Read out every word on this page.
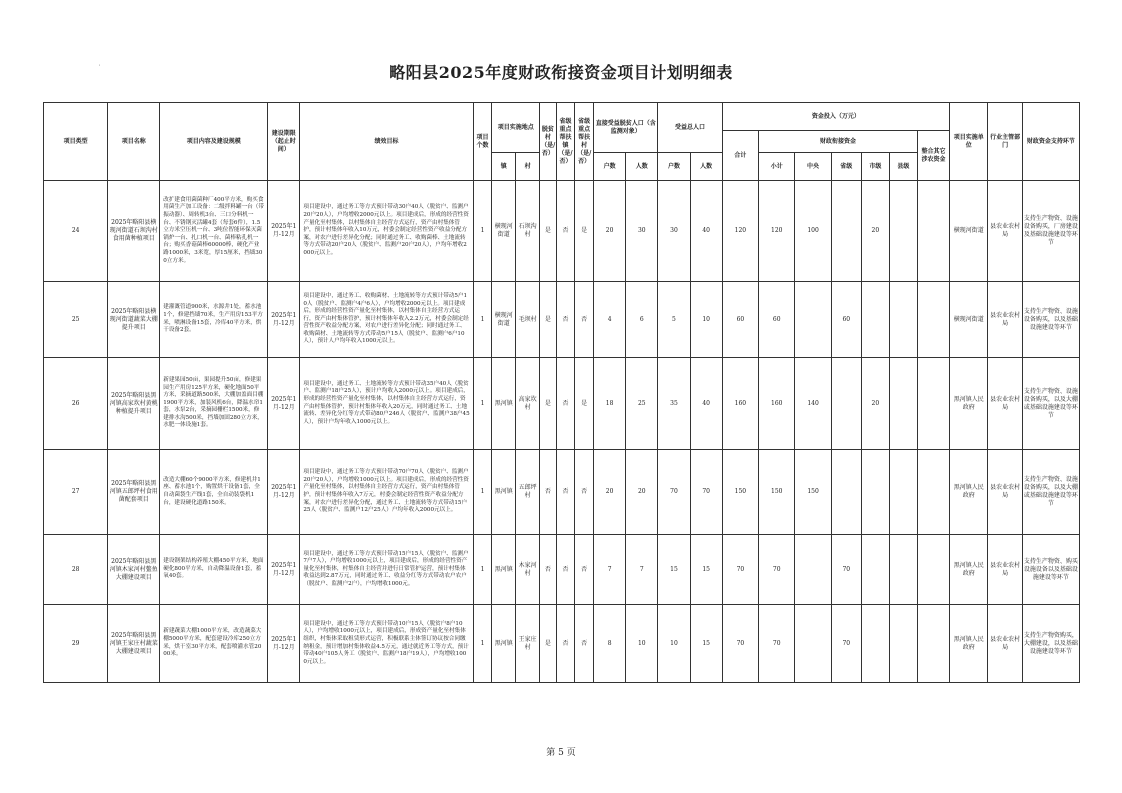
'	略阳县2025年度财政衔接资金项目计划明细表
项目类型	项目名称	项目内容及建设规模	建设期限（起止时间）	绩效目标	项目个数	项目实施地点		脱贫村（是/否）	省级重点帮扶镇（是/否）	省级重点帮扶村（是/否）	直接受益脱贫人口（含监测对象）		受益总人口		资金投入（万元）							项目实施单位	行业主管部门	财政资金支持环节
															合计	财政衔接资金					整合其它涉农资金			
						镇	村				户数	人数	户数	人数		小计	中央	省级	市级	县级				
24	2025年略阳县横现河街道石坝沟村食用菌种植项目	改扩建食用菌菌种厂400平方米，购买食用菌生产加工设备：二级拌料罐一台（带振动器）、周转机3台、三口分料机一台、不锈钢灭活罐4套（每套6件），1.5立方米空压机一台、3吨位智能环保灭菌锅炉一台、扎口机一台、菌棒粘孔机一台；购买香菇菌棒60000棒，硬化产业路1000米，3米宽，厚15厘米，挡墙300立方米。	2025年1月-12月	项目建设中，通过务工等方式预计带动30户40人（脱贫户、监测户20户20人），户均增收2000元以上。项目建成后，形成的经营性资产量化至村集体，以村集体自主经营方式运行，资产由村集体管护，预计村集体年收入10万元，村委会制定经营性资产收益分配方案，对农户进行差异化分配；同时通过务工、收购菌棒、土地流转等方式带动20户20人（脱贫户、监测户20户20人），户均年增收2000元以上。	1	横现河街道	石坝沟村	是	否	是	20	30	30	40	120	120	100		20			横现河街道	县农业农村局	支持生产物资、设施设备购买，厂房建设及基础设施建设等环节
25	2025年略阳县横现河街道蔬菜大棚提升项目	建灌溉管道900米，水源井1处，蓄水池1个，修建挡墙70米，生产用房153平方米，喷淋设备15套，冷库40平方米，烘干设备2套。	2025年1月-12月	项目建设中，通过务工、收购菌材、土地流转等方式预计带动5户10人（脱贫户、监测户4户6人），户均增收2000元以上。项目建成后，形成的经营性资产量化至村集体，以村集体自主经营方式运行，资产由村集体管护，预计村集体年收入2.2万元，村委会制定经营性资产收益分配方案，对农户进行差异化分配；同时通过务工、收购菌材、土地流转等方式带动5户15人（脱贫户、监测户6户10人），预计人户均年收入1000元以上。	1	横现河街道	毛坝村	是	否	否	4	6	5	10	60	60		60				横现河街道	县农业农村局	支持生产物资、设施设备购买，以及基础设施建设等环节
26	2025年略阳县黑河镇高家坎村黄桃种植提升项目	新建果园50亩，果园提升50亩，修建果园生产用房125平方米，硬化地面50平方米，采摘道路500米，大棚加盖面目棚1900平方米，加装风机6台，降温水帘1套，水泵2台，采摘园栅栏1500米，修建排水沟500米，挡墙加固280立方米，水肥一体设施1套。	2025年1月-12月	项目建设中，通过务工、土地流转等方式预计带动35户40人（脱贫户、监测户18户25人），预计户均收入2000元以上。项目建成后，形成的经营性资产量化至村集体，以村集体自主经营方式运行，资产由村集体管护，预计村集体年收入20万元，同时通过务工、土地流转、差异化分红等方式带动80户246人（脱贫户、监测户38户45人），预计户均年收入1000元以上。	1	黑河镇	高家坎村	是	否	是	18	25	35	40	160	160	140		20			黑河镇人民政府	县农业农村局	支持生产物资、设施设备购买，以及大棚或基础设施建设等环节
27	2025年略阳县黑河镇五郎坪村食用菌配套项目	改造大棚60个9000平方米，修建机井1座、蓄水池1个，购置烘干设备1套，全自动菌袋生产线1套，全自动装袋机1台，建设硬化道路150米。	2025年1月-12月	项目建设中，通过务工等方式预计带动70户70人（脱贫户、监测户20户20人），户均增收1000元以上。项目建成后，形成的经营性资产量化至村集体，以村集体自主经营方式运行，资产由村集体管护，预计村集体年收入7万元，村委会制定经营性资产收益分配方案，对农户进行差异化分配，通过务工、土地流转等方式带动15户25人（脱贫户、监测户12户25人）户均年收入2000元以上。	1	黑河镇	五郎坪村	否	否	否	20	20	70	70	150	150	150					黑河镇人民政府	县农业农村局	支持生产物资、设施设备购买，以及大棚或基础设施建设等环节
28	2025年略阳县黑河镇木家河村鳌鱼大棚建设项目	建设钢架结构养殖大棚450平方米，地面硬化800平方米，自动降温设备1套，蓄氧40套。	2025年1月-12月	项目建设中，通过务工等方式预计带动15户15人（脱贫户、监测户7户7人），户均增收1000元以上，项目建成后，形成的经营性资产量化至村集体，村集体自主经营并进行日常管护运营，预计村集体收益达到2.87万元，同时通过务工、收益分红等方式带动农户农户（脱贫户、监测户2户），户均增收1000元。	1	黑河镇	木家河村	否	否	否	7	7	15	15	70	70		70				黑河镇人民政府	县农业农村局	支持生产物资、购买设施设备以及基础设施建设等环节
29	2025年略阳县黑河镇王家庄村蔬菜大棚建设项目	新建蔬菜大棚1000平方米，改造蔬菜大棚5000平方米，配套建设冷库250立方米，烘干室30平方米，配套喷灌水管2000米。	2025年1月-12月	项目建设中，通过务工等方式预计带动10户15人（脱贫户8户10人），户均增收1000元以上，项目建成后，形成资产量化至村集体组织，村集体采取租赁形式运营，积极联系主体签订协议按合同缴纳租金，预计增加村集体收益4.5万元，通过就近务工等方式，预计带动40户105人务工（脱贫户、监测户18户19人），户均增收1000元以上。	1	黑河镇	王家庄村	是	否	否	8	10	10	15	70	70		70				黑河镇人民政府	县农业农村局	支持生产物资购买，大棚建设，以及基础设施建设等环节
第 5 页
